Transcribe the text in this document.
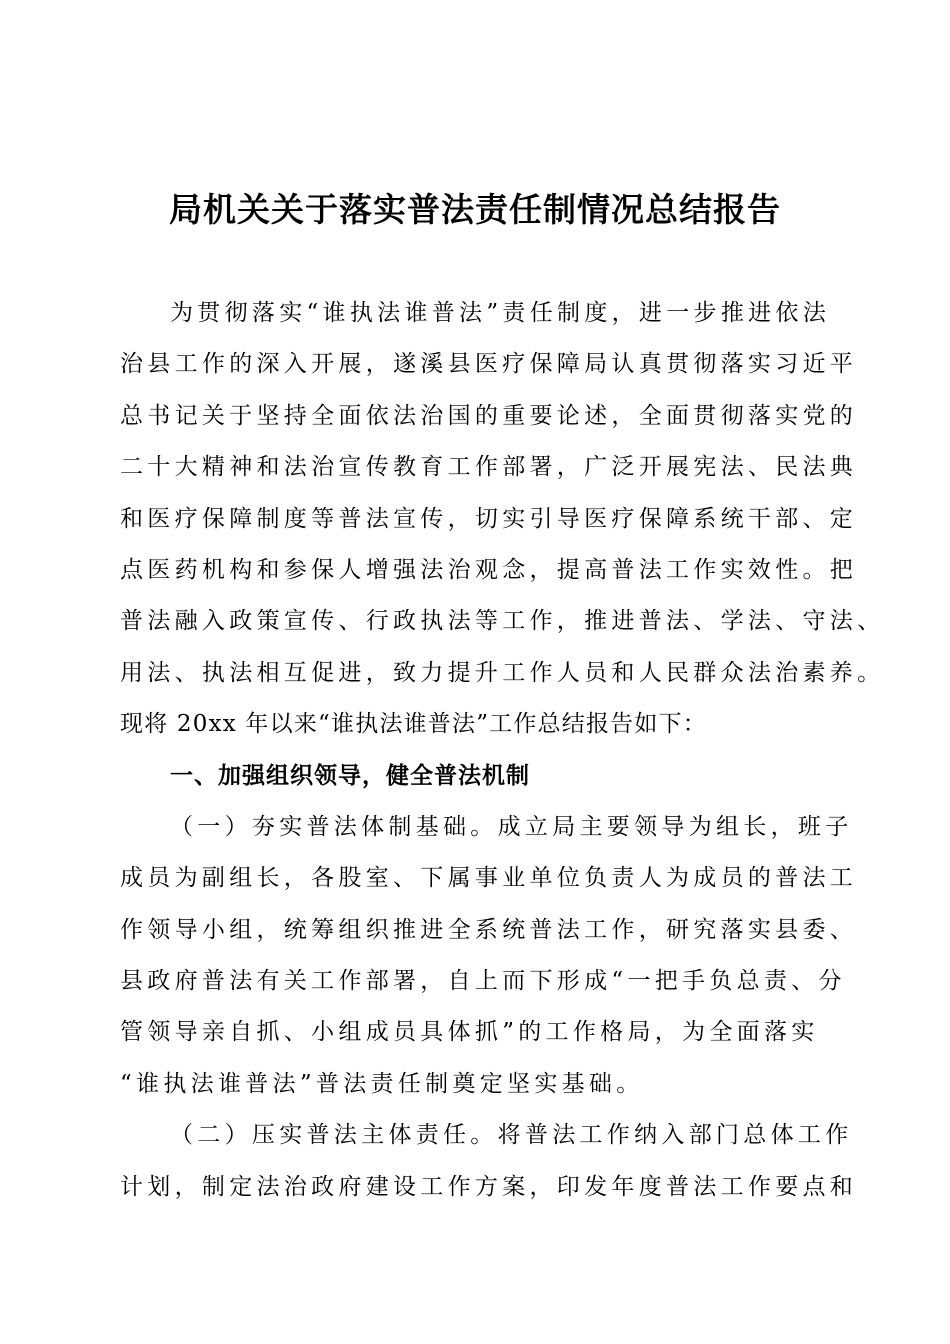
局机关关于落实普法责任制情况总结报告
为贯彻落实“谁执法谁普法”责任制度，进一步推进依法
治县工作的深入开展，遂溪县医疗保障局认真贯彻落实习近平
总书记关于坚持全面依法治国的重要论述，全面贯彻落实党的
二十大精神和法治宣传教育工作部署，广泛开展宪法、民法典
和医疗保障制度等普法宣传，切实引导医疗保障系统干部、定
点医药机构和参保人增强法治观念，提高普法工作实效性。把
普法融入政策宣传、行政执法等工作，推进普法、学法、守法、
用法、执法相互促进，致力提升工作人员和人民群众法治素养。
现将 20xx 年以来“谁执法谁普法”工作总结报告如下：
一、加强组织领导，健全普法机制
（一）夯实普法体制基础。成立局主要领导为组长，班子
成员为副组长，各股室、下属事业单位负责人为成员的普法工
作领导小组，统筹组织推进全系统普法工作，研究落实县委、
县政府普法有关工作部署，自上而下形成“一把手负总责、分
管领导亲自抓、小组成员具体抓”的工作格局，为全面落实
“谁执法谁普法”普法责任制奠定坚实基础。
（二）压实普法主体责任。将普法工作纳入部门总体工作
计划，制定法治政府建设工作方案，印发年度普法工作要点和
